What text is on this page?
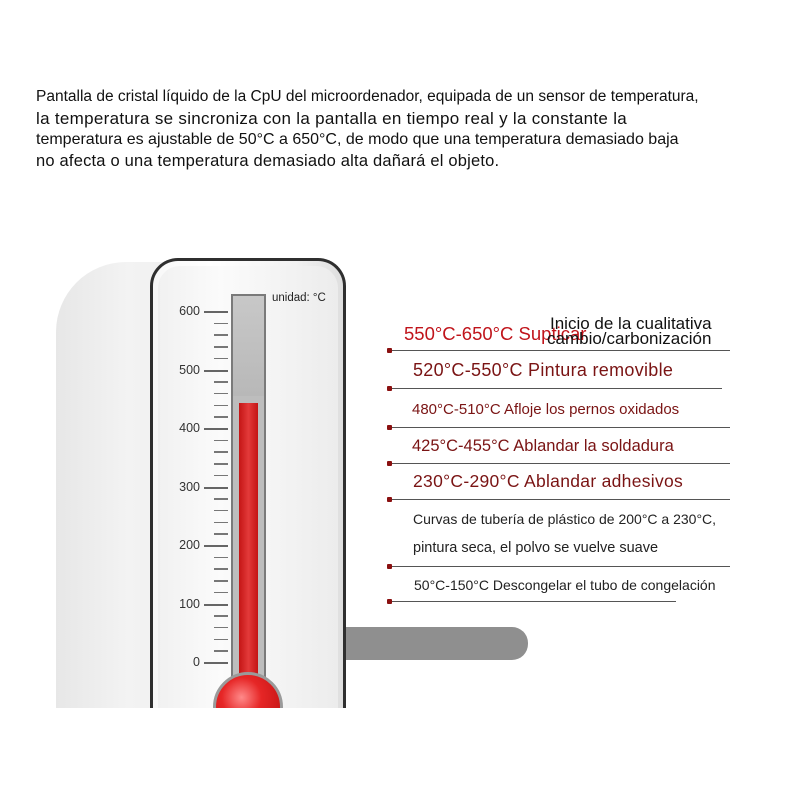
Pantalla de cristal líquido de la CpU del microordenador, equipada de un sensor de temperatura,
la temperatura se sincroniza con la pantalla en tiempo real y la constante la
temperatura es ajustable de 50°C a 650°C, de modo que una temperatura demasiado baja
no afecta o una temperatura demasiado alta dañará el objeto.
unidad: °C
600
500
400
300
200
100
0
550°C-650°C Supticar
Inicio de la cualitativa
cambio/carbonización
520°C-550°C Pintura removible
480°C-510°C Afloje los pernos oxidados
425°C-455°C Ablandar la soldadura
230°C-290°C Ablandar adhesivos
Curvas de tubería de plástico de 200°C a 230°C,
pintura seca, el polvo se vuelve suave
50°C-150°C Descongelar el tubo de congelación
